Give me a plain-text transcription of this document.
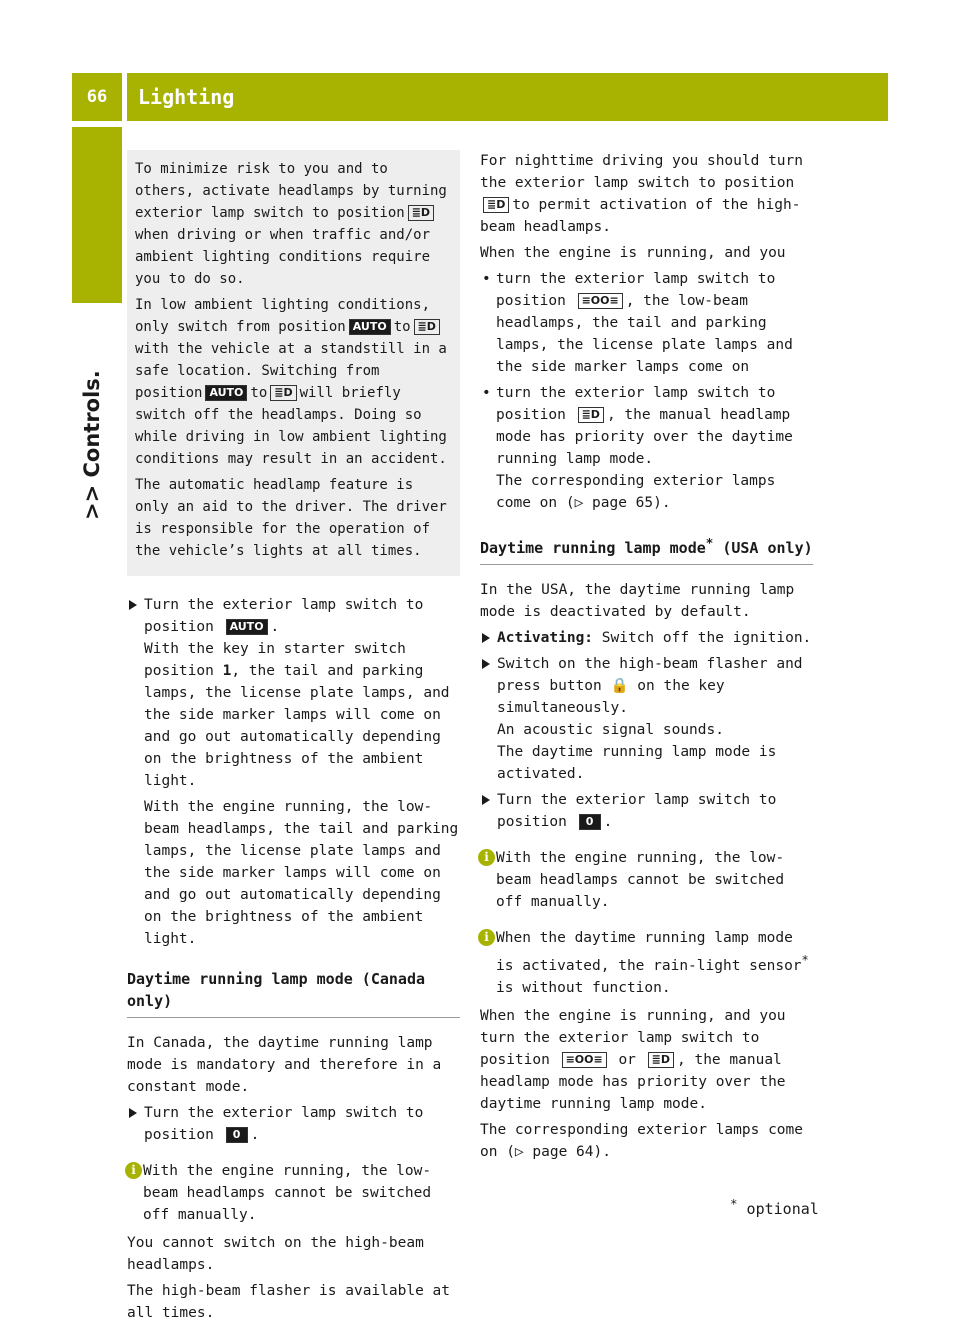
66	Lighting
>> Controls.

To minimize risk to you and to others, activate headlamps by turning exterior lamp switch to position ≣Dwhen driving or when traffic and/or ambient lighting conditions require you to do so.

In low ambient lighting conditions, only switch from position AUTO to ≣Dwith the vehicle at a standstill in a safe location. Switching from position AUTO to ≣D will briefly switch off the headlamps. Doing so while driving in low ambient lighting conditions may result in an accident.

The automatic headlamp feature is only an aid to the driver. The driver is responsible for the operation of the vehicle’s lights at all times.

Turn the exterior lamp switch to position AUTO .

With the key in starter switch position 1, the tail and parking lamps, the license plate lamps, and the side marker lamps will come on and go out automatically depending on the brightness of the ambient light.

With the engine running, the low-beam headlamps, the tail and parking lamps, the license plate lamps and the side marker lamps will come on and go out automatically depending on the brightness of the ambient light.

Daytime running lamp mode (Canada only)

In Canada, the daytime running lamp mode is mandatory and therefore in a constant mode.

Turn the exterior lamp switch to position 0 .
i With the engine running, the low-beam headlamps cannot be switched off manually.

You cannot switch on the high-beam headlamps.

The high-beam flasher is available at all times.

For nighttime driving you should turn the exterior lamp switch to position≣D to permit activation of the high-beam headlamps.

When the engine is running, and you

• turn the exterior lamp switch to position ≡OO≡ , the low-beam headlamps, the tail and parking lamps, the license plate lamps and the side marker lamps come on
• turn the exterior lamp switch to position ≣D , the manual headlamp mode has priority over the daytime running lamp mode.

The corresponding exterior lamps come on (▷ page 65).

Daytime running lamp mode* (USA only)

In the USA, the daytime running lamp mode is deactivated by default.

Activating: Switch off the ignition.
Switch on the high-beam flasher and press button 🔒 on the key simultaneously.
An acoustic signal sounds.

The daytime running lamp mode is activated.

Turn the exterior lamp switch to position 0 .
i With the engine running, the low-beam headlamps cannot be switched off manually.
i When the daytime running lamp mode is activated, the rain-light sensor* is without function.

When the engine is running, and you turn the exterior lamp switch to position ≡OO≡ or ≣D , the manual headlamp mode has priority over the daytime running lamp mode.

The corresponding exterior lamps come on (▷ page 64).

* optional
